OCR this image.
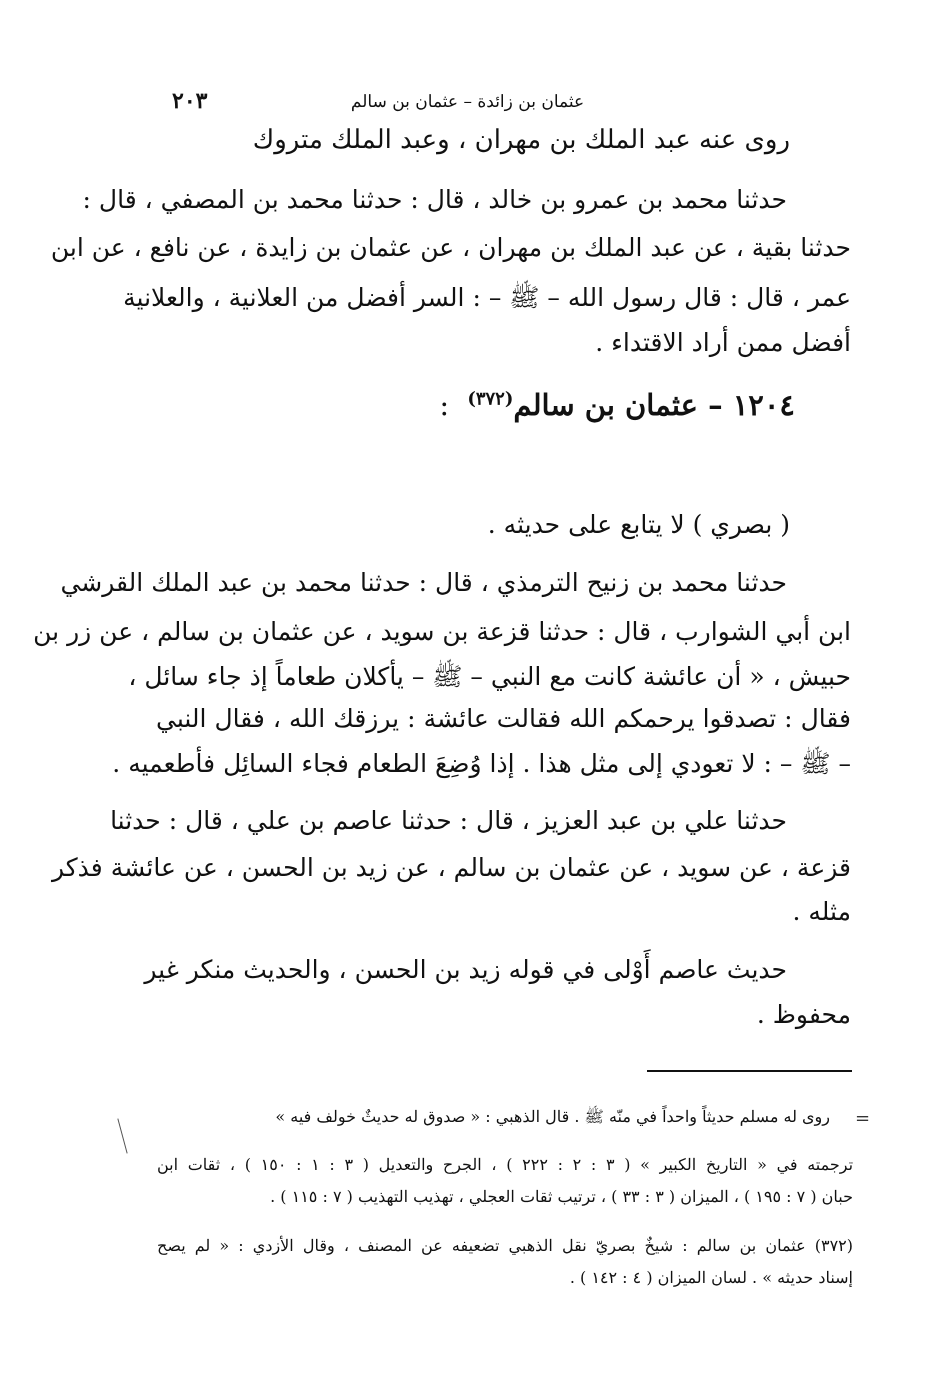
عثمان بن زائدة – عثمان بن سالم
٢٠٣
روى عنه عبد الملك بن مهران ، وعبد الملك متروك
حدثنا محمد بن عمرو بن خالد ، قال : حدثنا محمد بن المصفي ، قال :
حدثنا بقية ، عن عبد الملك بن مهران ، عن عثمان بن زايدة ، عن نافع ، عن ابن
عمر ، قال : قال رسول الله – ﷺ – : السر أفضل من العلانية ، والعلانية
أفضل ممن أراد الاقتداء .
١٢٠٤ – عثمان بن سالم$^{(٣٧٢)}$ :
( بصري ) لا يتابع على حديثه .
حدثنا محمد بن زنيح الترمذي ، قال : حدثنا محمد بن عبد الملك القرشي
ابن أبي الشوارب ، قال : حدثنا قزعة بن سويد ، عن عثمان بن سالم ، عن زر بن
حبيش ، « أن عائشة كانت مع النبي – ﷺ – يأكلان طعاماً إذ جاء سائل ،
فقال : تصدقوا يرحمكم الله فقالت عائشة : يرزقك الله ، فقال النبي
– ﷺ – : لا تعودي إلى مثل هذا . إذا وُضِعَ الطعام فجاء السائِل فأطعميه .
حدثنا علي بن عبد العزيز ، قال : حدثنا عاصم بن علي ، قال : حدثنا
قزعة ، عن سويد ، عن عثمان بن سالم ، عن زيد بن الحسن ، عن عائشة فذكر
مثله .
حديث عاصم أَوْلى في قوله زيد بن الحسن ، والحديث منكر غير
محفوظ .
=
روى له مسلم حديثاً واحداً في منّه ﷺ . قال الذهبي : « صدوق له حديثٌ خولف فيه »
ترجمته في « التاريخ الكبير » ( ٣ : ٢ : ٢٢٢ ) ، الجرح والتعديل ( ٣ : ١ : ١٥٠ ) ، ثقات ابن
حبان ( ٧ : ١٩٥ ) ، الميزان ( ٣ : ٣٣ ) ، ترتيب ثقات العجلي ، تهذيب التهذيب ( ٧ : ١١٥ ) .
(٣٧٢) عثمان بن سالم : شيخٌ بصريّ نقل الذهبي تضعيفه عن المصنف ، وقال الأزدي : « لم يصح
إسناد حديثه » . لسان الميزان ( ٤ : ١٤٢ ) .
